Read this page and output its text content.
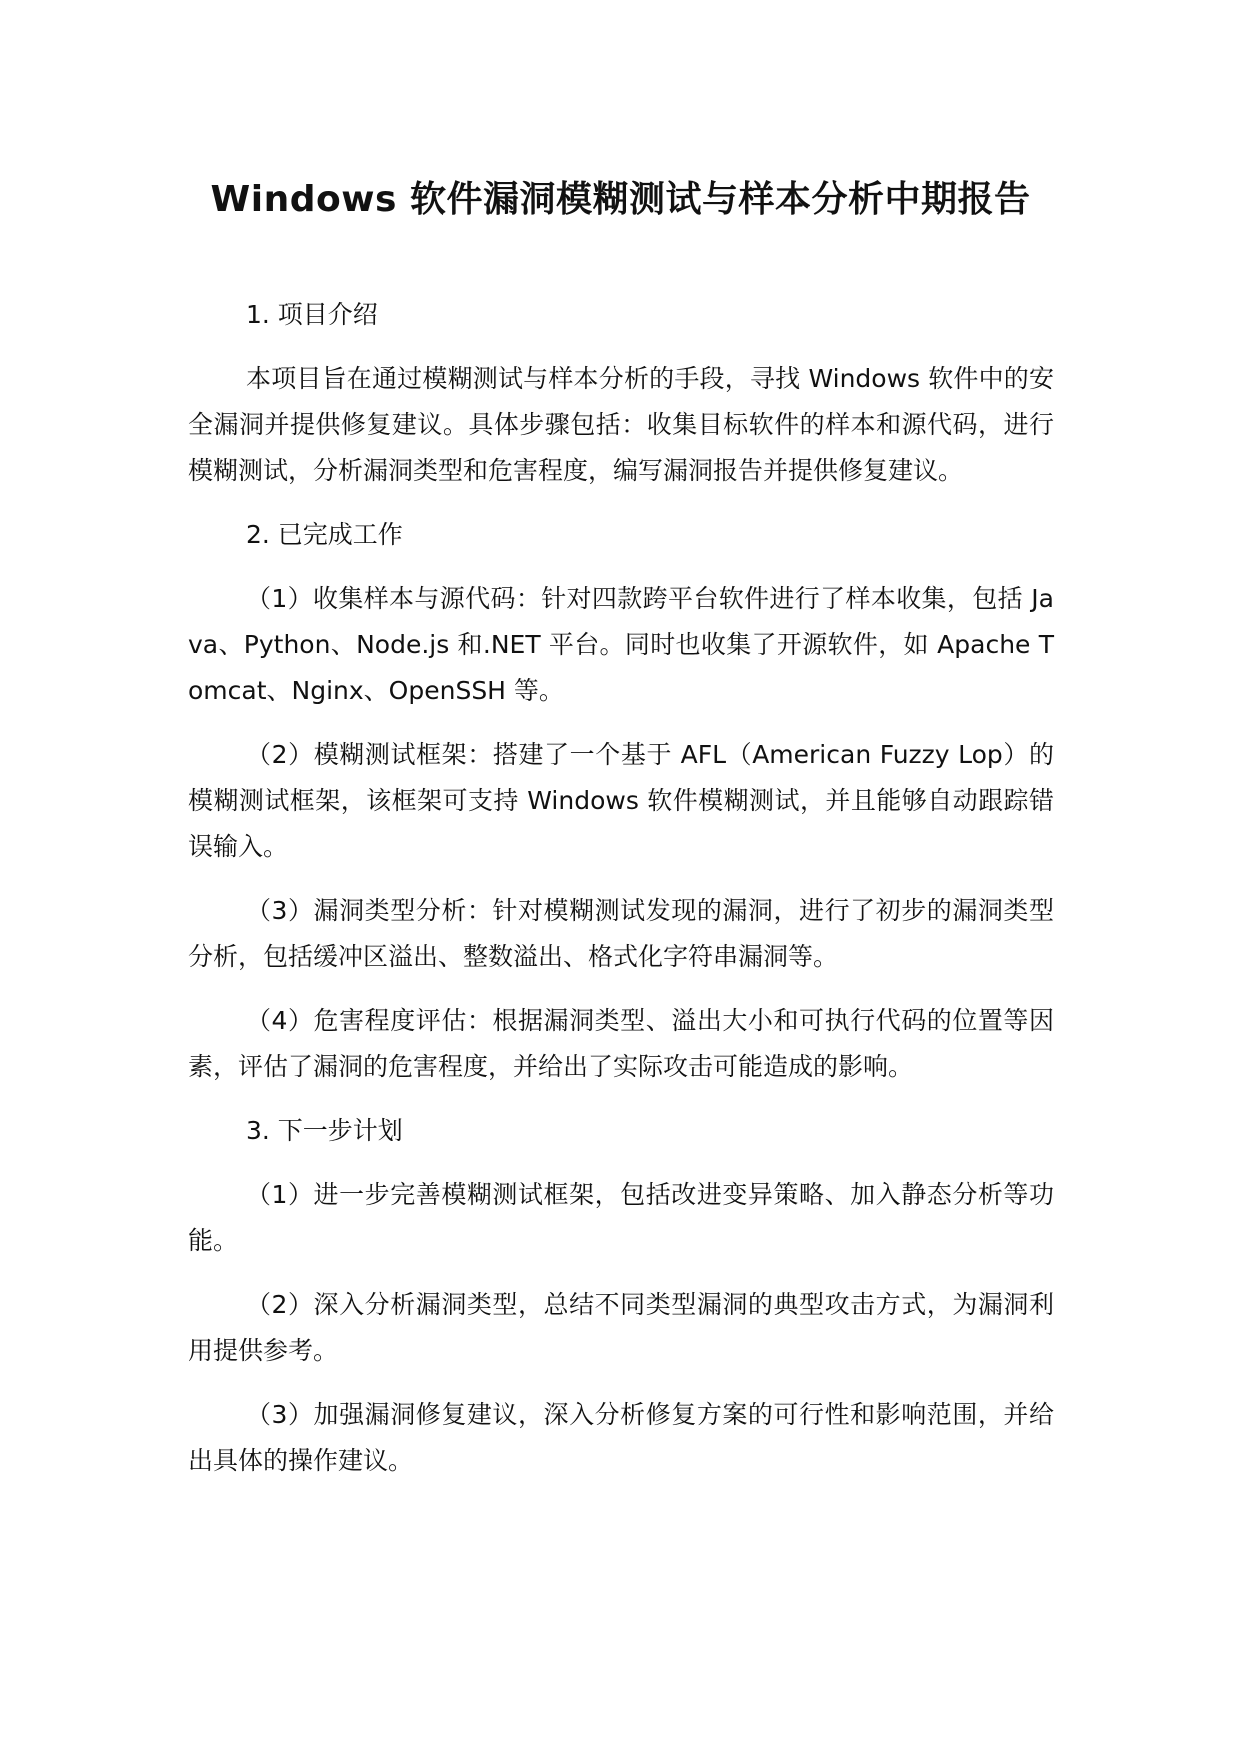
Windows 软件漏洞模糊测试与样本分析中期报告

1. 项目介绍

本项目旨在通过模糊测试与样本分析的手段，寻找 Windows 软件中的安全漏洞并提供修复建议。具体步骤包括：收集目标软件的样本和源代码，进行模糊测试，分析漏洞类型和危害程度，编写漏洞报告并提供修复建议。

2. 已完成工作

（1）收集样本与源代码：针对四款跨平台软件进行了样本收集，包括 Java、Python、Node.js 和.NET 平台。同时也收集了开源软件，如 Apache Tomcat、Nginx、OpenSSH 等。

（2）模糊测试框架：搭建了一个基于 AFL（American Fuzzy Lop）的模糊测试框架，该框架可支持 Windows 软件模糊测试，并且能够自动跟踪错误输入。

（3）漏洞类型分析：针对模糊测试发现的漏洞，进行了初步的漏洞类型分析，包括缓冲区溢出、整数溢出、格式化字符串漏洞等。

（4）危害程度评估：根据漏洞类型、溢出大小和可执行代码的位置等因素，评估了漏洞的危害程度，并给出了实际攻击可能造成的影响。

3. 下一步计划

（1）进一步完善模糊测试框架，包括改进变异策略、加入静态分析等功能。

（2）深入分析漏洞类型，总结不同类型漏洞的典型攻击方式，为漏洞利用提供参考。

（3）加强漏洞修复建议，深入分析修复方案的可行性和影响范围，并给出具体的操作建议。
